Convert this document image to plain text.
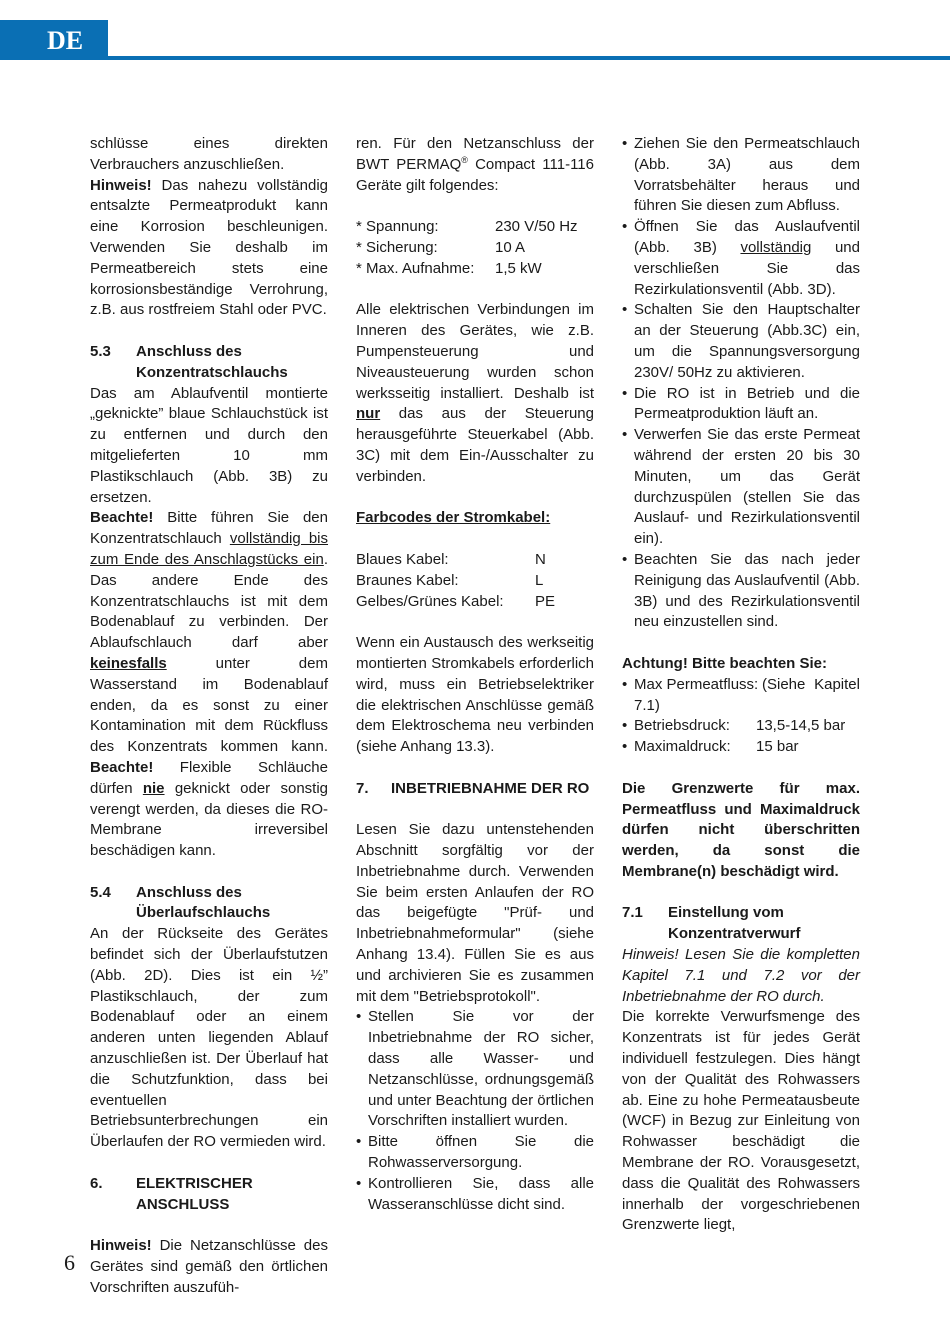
DE

schlüsse eines direkten Verbrauchers anzuschließen.

Hinweis! Das nahezu vollständig entsalzte Permeatprodukt kann eine Korrosion beschleunigen. Verwenden Sie deshalb im Permeatbereich stets eine korrosionsbeständige Verrohrung, z.B. aus rostfreiem Stahl oder PVC.

5.3	Anschluss des Konzentratschlauchs

Das am Ablaufventil montierte „geknickte” blaue Schlauchstück ist zu entfernen und durch den mitgelieferten 10 mm Plastikschlauch (Abb. 3B) zu ersetzen.

Beachte! Bitte führen Sie den Konzentratschlauch vollständig bis zum Ende des Anschlagstücks ein. Das andere Ende des Konzentratschlauchs ist mit dem Bodenablauf zu verbinden. Der Ablaufschlauch darf aber keinesfalls unter dem Wasserstand im Bodenablauf enden, da es sonst zu einer Kontamination mit dem Rückfluss des Konzentrats kommen kann. Beachte! Flexible Schläuche dürfen nie geknickt oder sonstig verengt werden, da dieses die RO-Membrane irreversibel beschädigen kann.

5.4	Anschluss des Überlaufschlauchs

An der Rückseite des Gerätes befindet sich der Überlaufstutzen (Abb. 2D). Dies ist ein ½” Plastikschlauch, der zum Bodenablauf oder an einem anderen unten liegenden Ablauf anzuschließen ist. Der Überlauf hat die Schutzfunktion, dass bei eventuellen Betriebsunterbrechungen ein Überlaufen der RO vermieden wird.

6.	ELEKTRISCHER ANSCHLUSS

Hinweis! Die Netzanschlüsse des Gerätes sind gemäß den örtlichen Vorschriften auszufüh-

ren. Für den Netzanschluss der BWT PERMAQ® Compact 111-116 Geräte gilt folgendes:

* Spannung:	230 V/50 Hz
* Sicherung:	10 A
* Max. Aufnahme:	1,5 kW

Alle elektrischen Verbindungen im Inneren des Gerätes, wie z.B. Pumpensteuerung und Niveausteuerung wurden schon werksseitig installiert. Deshalb ist nur das aus der Steuerung herausgeführte Steuerkabel (Abb. 3C) mit dem Ein-/Ausschalter zu verbinden.

Farbcodes der Stromkabel:

Blaues Kabel:	N
Braunes Kabel:	L
Gelbes/Grünes Kabel:	PE

Wenn ein Austausch des werkseitig montierten Stromkabels erforderlich wird, muss ein Betriebselektriker die elektrischen Anschlüsse gemäß dem Elektroschema neu verbinden (siehe Anhang 13.3).

7.	INBETRIEBNAHME DER RO

Lesen Sie dazu untenstehenden Abschnitt sorgfältig vor der Inbetriebnahme durch. Verwenden Sie beim ersten Anlaufen der RO das beigefügte "Prüf- und Inbetriebnahmeformular" (siehe Anhang 13.4). Füllen Sie es aus und archivieren Sie es zusammen mit dem "Betriebsprotokoll".

• Stellen Sie vor der Inbetriebnahme der RO sicher, dass alle Wasser- und Netzanschlüsse, ordnungsgemäß und unter Beachtung der örtlichen Vorschriften installiert wurden.
• Bitte öffnen Sie die Rohwasserversorgung.
• Kontrollieren Sie, dass alle Wasseranschlüsse dicht sind.
• Ziehen Sie den Permeatschlauch (Abb. 3A) aus dem Vorratsbehälter heraus und führen Sie diesen zum Abfluss.
• Öffnen Sie das Auslaufventil (Abb. 3B) vollständig und verschließen Sie das Rezirkulationsventil (Abb. 3D).
• Schalten Sie den Hauptschalter an der Steuerung (Abb.3C) ein, um die Spannungsversorgung 230V/ 50Hz zu aktivieren.
• Die RO ist in Betrieb und die Permeatproduktion läuft an.
• Verwerfen Sie das erste Permeat während der ersten 20 bis 30 Minuten, um das Gerät durchzuspülen (stellen Sie das Auslauf- und Rezirkulationsventil ein).
• Beachten Sie das nach jeder Reinigung das Auslaufventil (Abb. 3B) und des Rezirkulationsventil neu einzustellen sind.

Achtung! Bitte beachten Sie:

• Max Permeatfluss: (Siehe Kapitel 7.1)
• Betriebsdruck: 13,5-14,5 bar
• Maximaldruck: 15 bar

Die Grenzwerte für max. Permeatfluss und Maximaldruck dürfen nicht überschritten werden, da sonst die Membrane(n) beschädigt wird.

7.1	Einstellung vom Konzentratverwurf

Hinweis! Lesen Sie die kompletten Kapitel 7.1 und 7.2 vor der Inbetriebnahme der RO durch.

Die korrekte Verwurfsmenge des Konzentrats ist für jedes Gerät individuell festzulegen. Dies hängt von der Qualität des Rohwassers ab. Eine zu hohe Permeatausbeute (WCF) in Bezug zur Einleitung von Rohwasser beschädigt die Membrane der RO. Vorausgesetzt, dass die Qualität des Rohwassers innerhalb der vorgeschriebenen Grenzwerte liegt,

6
